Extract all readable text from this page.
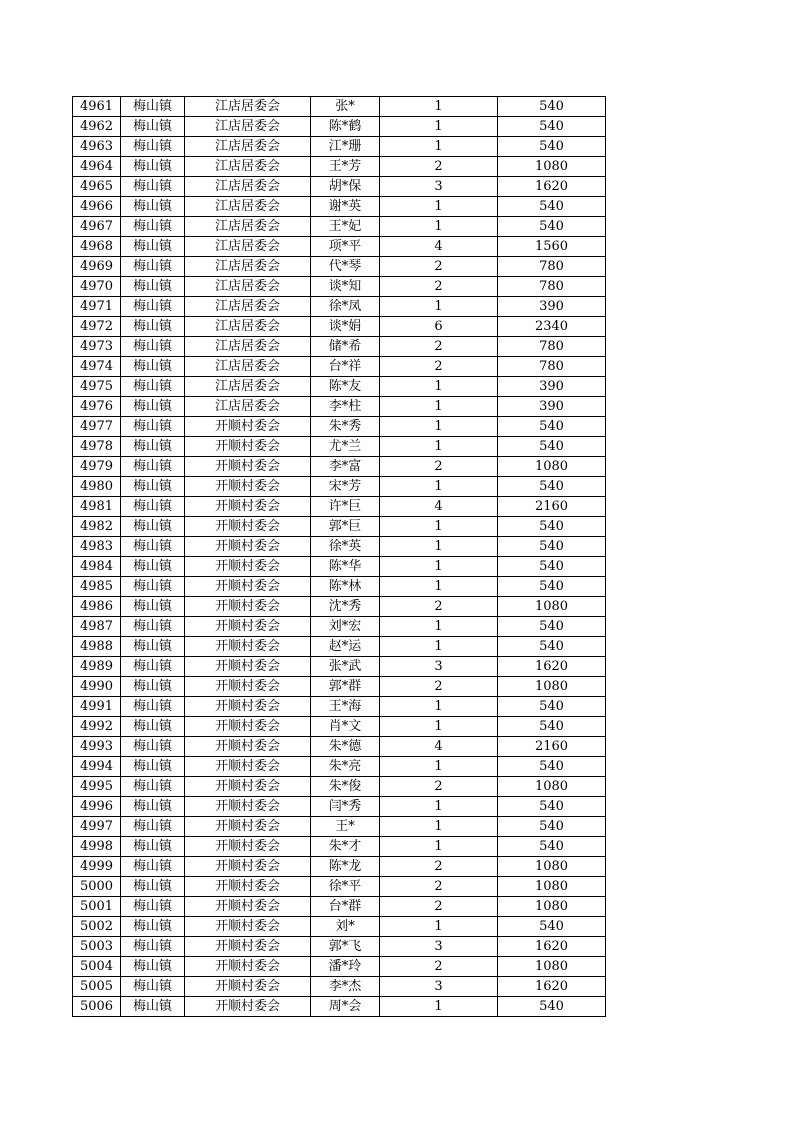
4961	梅山镇	江店居委会	张*	1	540
4962	梅山镇	江店居委会	陈*鹤	1	540
4963	梅山镇	江店居委会	江*珊	1	540
4964	梅山镇	江店居委会	王*芳	2	1080
4965	梅山镇	江店居委会	胡*保	3	1620
4966	梅山镇	江店居委会	谢*英	1	540
4967	梅山镇	江店居委会	王*妃	1	540
4968	梅山镇	江店居委会	项*平	4	1560
4969	梅山镇	江店居委会	代*琴	2	780
4970	梅山镇	江店居委会	谈*知	2	780
4971	梅山镇	江店居委会	徐*凤	1	390
4972	梅山镇	江店居委会	谈*娟	6	2340
4973	梅山镇	江店居委会	储*希	2	780
4974	梅山镇	江店居委会	台*祥	2	780
4975	梅山镇	江店居委会	陈*友	1	390
4976	梅山镇	江店居委会	李*柱	1	390
4977	梅山镇	开顺村委会	朱*秀	1	540
4978	梅山镇	开顺村委会	尤*兰	1	540
4979	梅山镇	开顺村委会	李*富	2	1080
4980	梅山镇	开顺村委会	宋*芳	1	540
4981	梅山镇	开顺村委会	许*巨	4	2160
4982	梅山镇	开顺村委会	郭*巨	1	540
4983	梅山镇	开顺村委会	徐*英	1	540
4984	梅山镇	开顺村委会	陈*华	1	540
4985	梅山镇	开顺村委会	陈*林	1	540
4986	梅山镇	开顺村委会	沈*秀	2	1080
4987	梅山镇	开顺村委会	刘*宏	1	540
4988	梅山镇	开顺村委会	赵*运	1	540
4989	梅山镇	开顺村委会	张*武	3	1620
4990	梅山镇	开顺村委会	郭*群	2	1080
4991	梅山镇	开顺村委会	王*海	1	540
4992	梅山镇	开顺村委会	肖*文	1	540
4993	梅山镇	开顺村委会	朱*德	4	2160
4994	梅山镇	开顺村委会	朱*亮	1	540
4995	梅山镇	开顺村委会	朱*俊	2	1080
4996	梅山镇	开顺村委会	闫*秀	1	540
4997	梅山镇	开顺村委会	王*	1	540
4998	梅山镇	开顺村委会	朱*才	1	540
4999	梅山镇	开顺村委会	陈*龙	2	1080
5000	梅山镇	开顺村委会	徐*平	2	1080
5001	梅山镇	开顺村委会	台*群	2	1080
5002	梅山镇	开顺村委会	刘*	1	540
5003	梅山镇	开顺村委会	郭*飞	3	1620
5004	梅山镇	开顺村委会	潘*玲	2	1080
5005	梅山镇	开顺村委会	李*杰	3	1620
5006	梅山镇	开顺村委会	周*会	1	540
